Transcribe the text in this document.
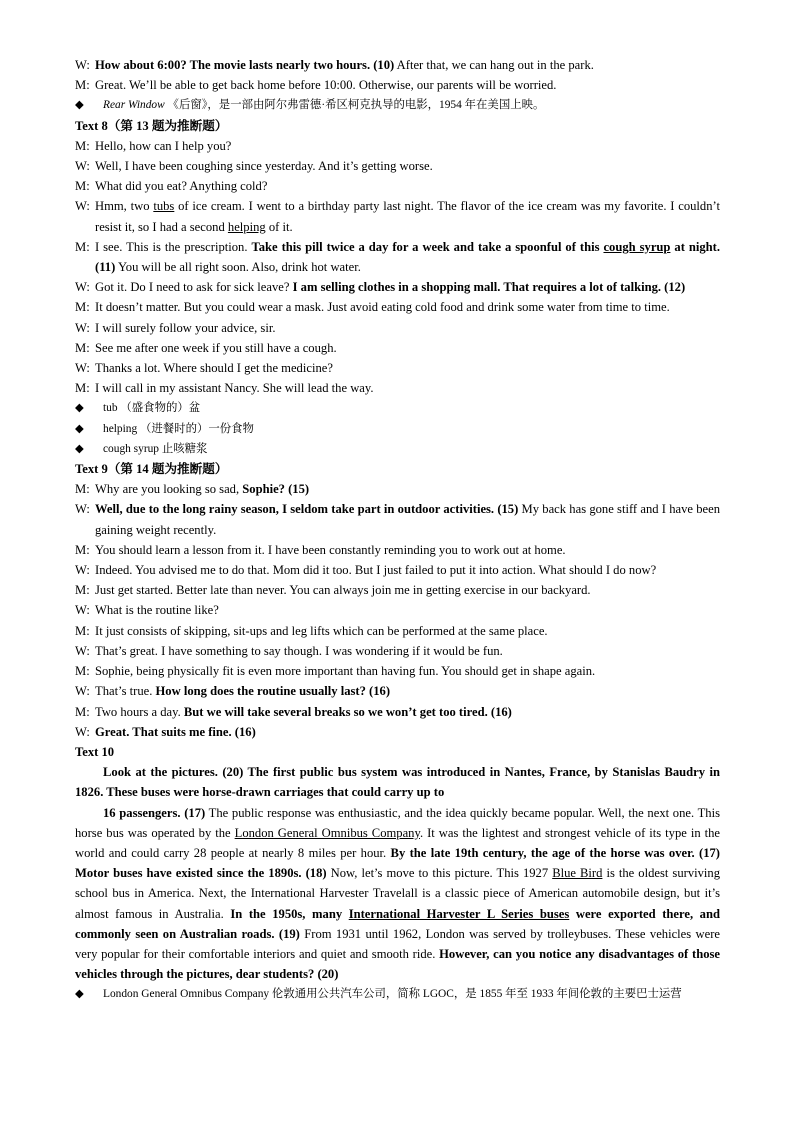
W: How about 6:00? The movie lasts nearly two hours. (10) After that, we can hang out in the park.
M: Great. We’ll be able to get back home before 10:00. Otherwise, our parents will be worried.
◆	Rear Window 《后窗》，是一部由阿尔弗雷德·希区柯克执导的电影，1954 年在美国上映。
Text 8（第 13 题为推断题）
M: Hello, how can I help you?
W: Well, I have been coughing since yesterday. And it’s getting worse.
M: What did you eat? Anything cold?
W: Hmm, two tubs of ice cream. I went to a birthday party last night. The flavor of the ice cream was my favorite. I couldn’t resist it, so I had a second helping of it.
M: I see. This is the prescription. Take this pill twice a day for a week and take a spoonful of this cough syrup at night. (11) You will be all right soon. Also, drink hot water.
W: Got it. Do I need to ask for sick leave? I am selling clothes in a shopping mall. That requires a lot of talking. (12)
M: It doesn’t matter. But you could wear a mask. Just avoid eating cold food and drink some water from time to time.
W: I will surely follow your advice, sir.
M: See me after one week if you still have a cough.
W: Thanks a lot. Where should I get the medicine?
M: I will call in my assistant Nancy. She will lead the way.
◆	tub （盛食物的）盆
◆	helping （进餐时的）一份食物
◆	cough syrup 止咳糖浆
Text 9（第 14 题为推断题）
M: Why are you looking so sad, Sophie? (15)
W: Well, due to the long rainy season, I seldom take part in outdoor activities. (15) My back has gone stiff and I have been gaining weight recently.
M: You should learn a lesson from it. I have been constantly reminding you to work out at home.
W: Indeed. You advised me to do that. Mom did it too. But I just failed to put it into action. What should I do now?
M: Just get started. Better late than never. You can always join me in getting exercise in our backyard.
W: What is the routine like?
M: It just consists of skipping, sit-ups and leg lifts which can be performed at the same place.
W: That’s great. I have something to say though. I was wondering if it would be fun.
M: Sophie, being physically fit is even more important than having fun. You should get in shape again.
W: That’s true. How long does the routine usually last? (16)
M: Two hours a day. But we will take several breaks so we won’t get too tired. (16)
W: Great. That suits me fine. (16)
Text 10
Look at the pictures. (20) The first public bus system was introduced in Nantes, France, by Stanislas Baudry in 1826. These buses were horse-drawn carriages that could carry up to
16 passengers. (17) The public response was enthusiastic, and the idea quickly became popular. Well, the next one. This horse bus was operated by the London General Omnibus Company. It was the lightest and strongest vehicle of its type in the world and could carry 28 people at nearly 8 miles per hour. By the late 19th century, the age of the horse was over. (17) Motor buses have existed since the 1890s. (18) Now, let’s move to this picture. This 1927 Blue Bird is the oldest surviving school bus in America. Next, the International Harvester Travelall is a classic piece of American automobile design, but it’s almost famous in Australia. In the 1950s, many International Harvester L Series buses were exported there, and commonly seen on Australian roads. (19) From 1931 until 1962, London was served by trolleybuses. These vehicles were very popular for their comfortable interiors and quiet and smooth ride. However, can you notice any disadvantages of those vehicles through the pictures, dear students? (20)
◆	London General Omnibus Company 伦敦通用公共汽车公司，简称 LGOC，是 1855 年至 1933 年间伦敦的主要巴士运营
